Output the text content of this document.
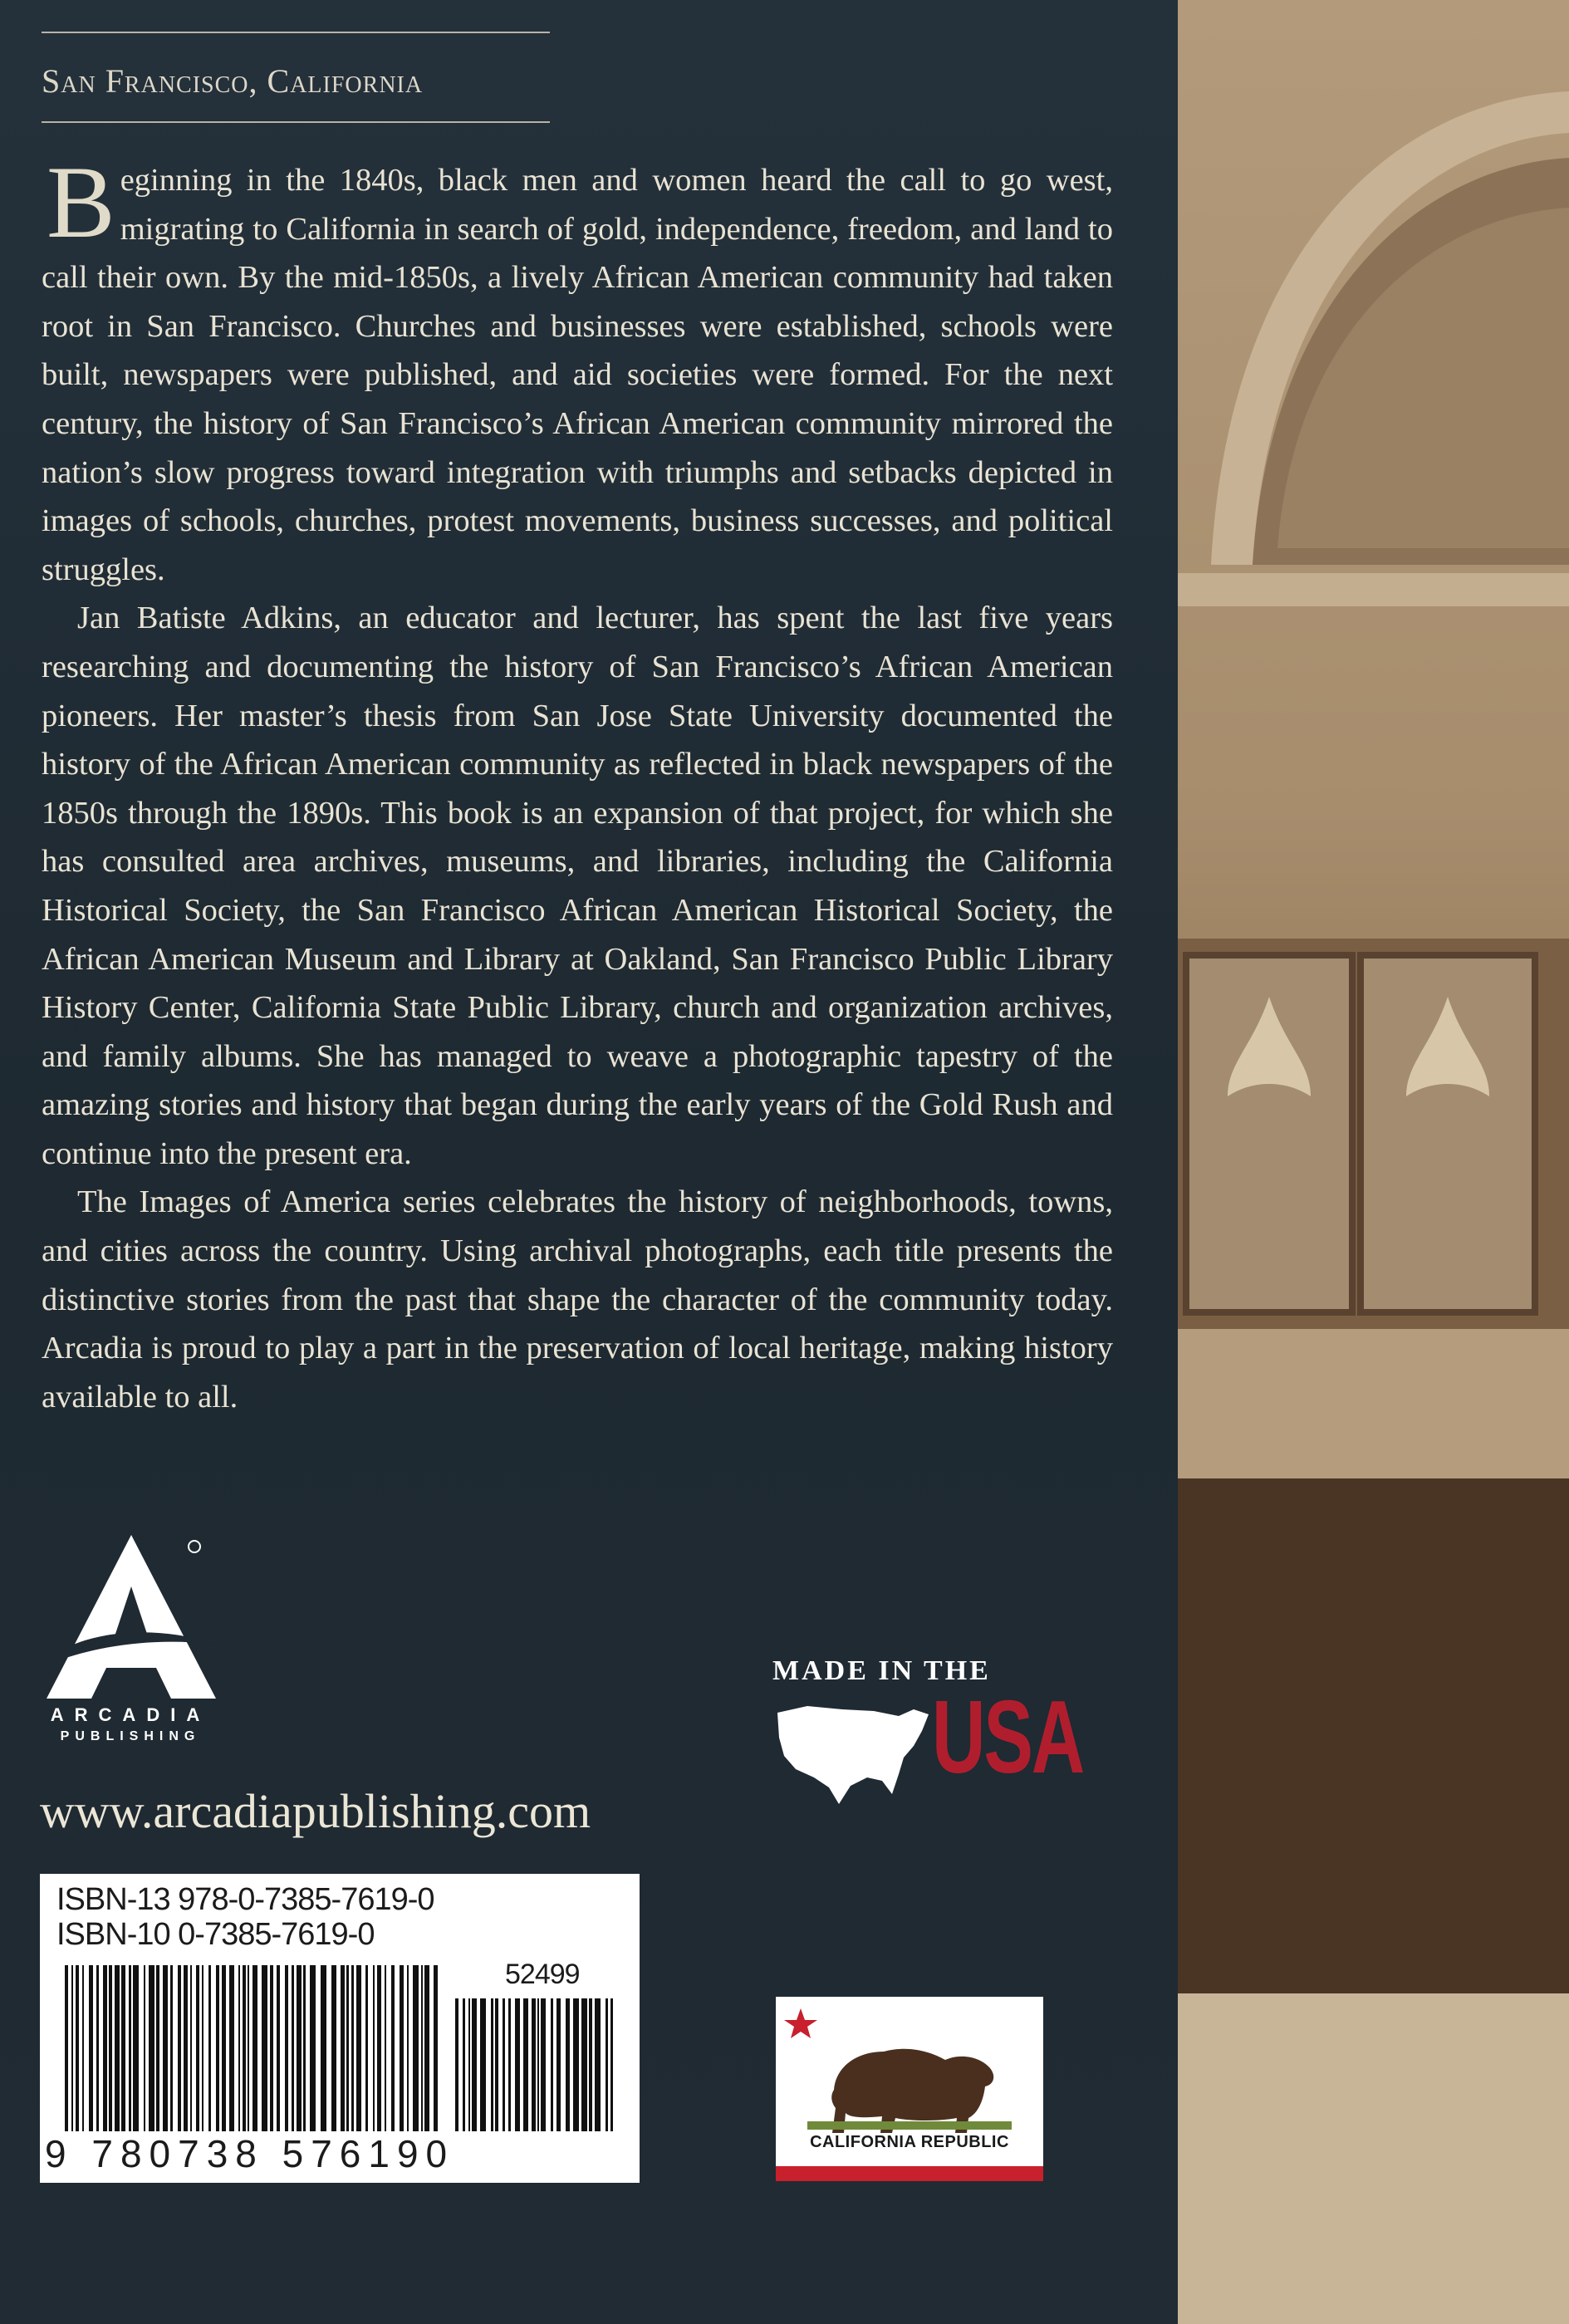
San Francisco, California

Beginning in the 1840s, black men and women heard the call to go west, migrating to California in search of gold, independence, freedom, and land to call their own. By the mid-1850s, a lively African American community had taken root in San Francisco. Churches and businesses were established, schools were built, newspapers were published, and aid societies were formed. For the next century, the history of San Francisco’s African American community mirrored the nation’s slow progress toward integration with triumphs and setbacks depicted in images of schools, churches, protest movements, business successes, and political struggles.

Jan Batiste Adkins, an educator and lecturer, has spent the last five years researching and documenting the history of San Francisco’s African American pioneers. Her master’s thesis from San Jose State University documented the history of the African American community as reflected in black newspapers of the 1850s through the 1890s. This book is an expansion of that project, for which she has consulted area archives, museums, and libraries, including the California Historical Society, the San Francisco African American Historical Society, the African American Museum and Library at Oakland, San Francisco Public Library History Center, California State Public Library, church and organization archives, and family albums. She has managed to weave a photographic tapestry of the amazing stories and history that began during the early years of the Gold Rush and continue into the present era.

The Images of America series celebrates the history of neighborhoods, towns, and cities across the country. Using archival photographs, each title presents the distinctive stories from the past that shape the character of the community today. Arcadia is proud to play a part in the preservation of local heritage, making history available to all.

ARCADIA
PUBLISHING
www.arcadiapublishing.com
ISBN-13 978-0-7385-7619-0
ISBN-10 0-7385-7619-0
52499
9 780738 576190
MADE IN THE
USA
CALIFORNIA REPUBLIC
